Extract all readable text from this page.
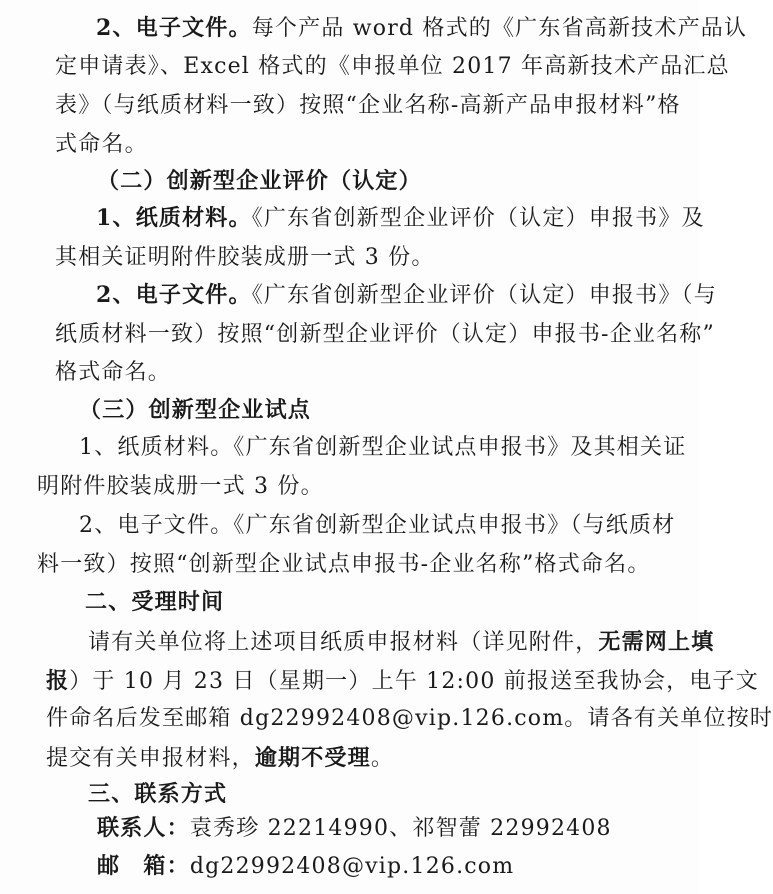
2、电子文件。每个产品 word 格式的《广东省高新技术产品认
定申请表》、Excel 格式的《申报单位 2017 年高新技术产品汇总
表》（与纸质材料一致）按照“企业名称-高新产品申报材料”格
式命名。
（二）创新型企业评价（认定）
1、纸质材料。《广东省创新型企业评价（认定）申报书》及
其相关证明附件胶装成册一式 3 份。
2、电子文件。《广东省创新型企业评价（认定）申报书》（与
纸质材料一致）按照“创新型企业评价（认定）申报书-企业名称”
格式命名。
（三）创新型企业试点
1、纸质材料。《广东省创新型企业试点申报书》及其相关证
明附件胶装成册一式 3 份。
2、电子文件。《广东省创新型企业试点申报书》（与纸质材
料一致）按照“创新型企业试点申报书-企业名称”格式命名。
二、受理时间
请有关单位将上述项目纸质申报材料（详见附件，无需网上填
报）于 10 月 23 日（星期一）上午 12:00 前报送至我协会，电子文
件命名后发至邮箱 dg22992408@vip.126.com。请各有关单位按时
提交有关申报材料，逾期不受理。
三、联系方式
联系人：袁秀珍 22214990、祁智蕾 22992408
邮　箱：dg22992408@vip.126.com
